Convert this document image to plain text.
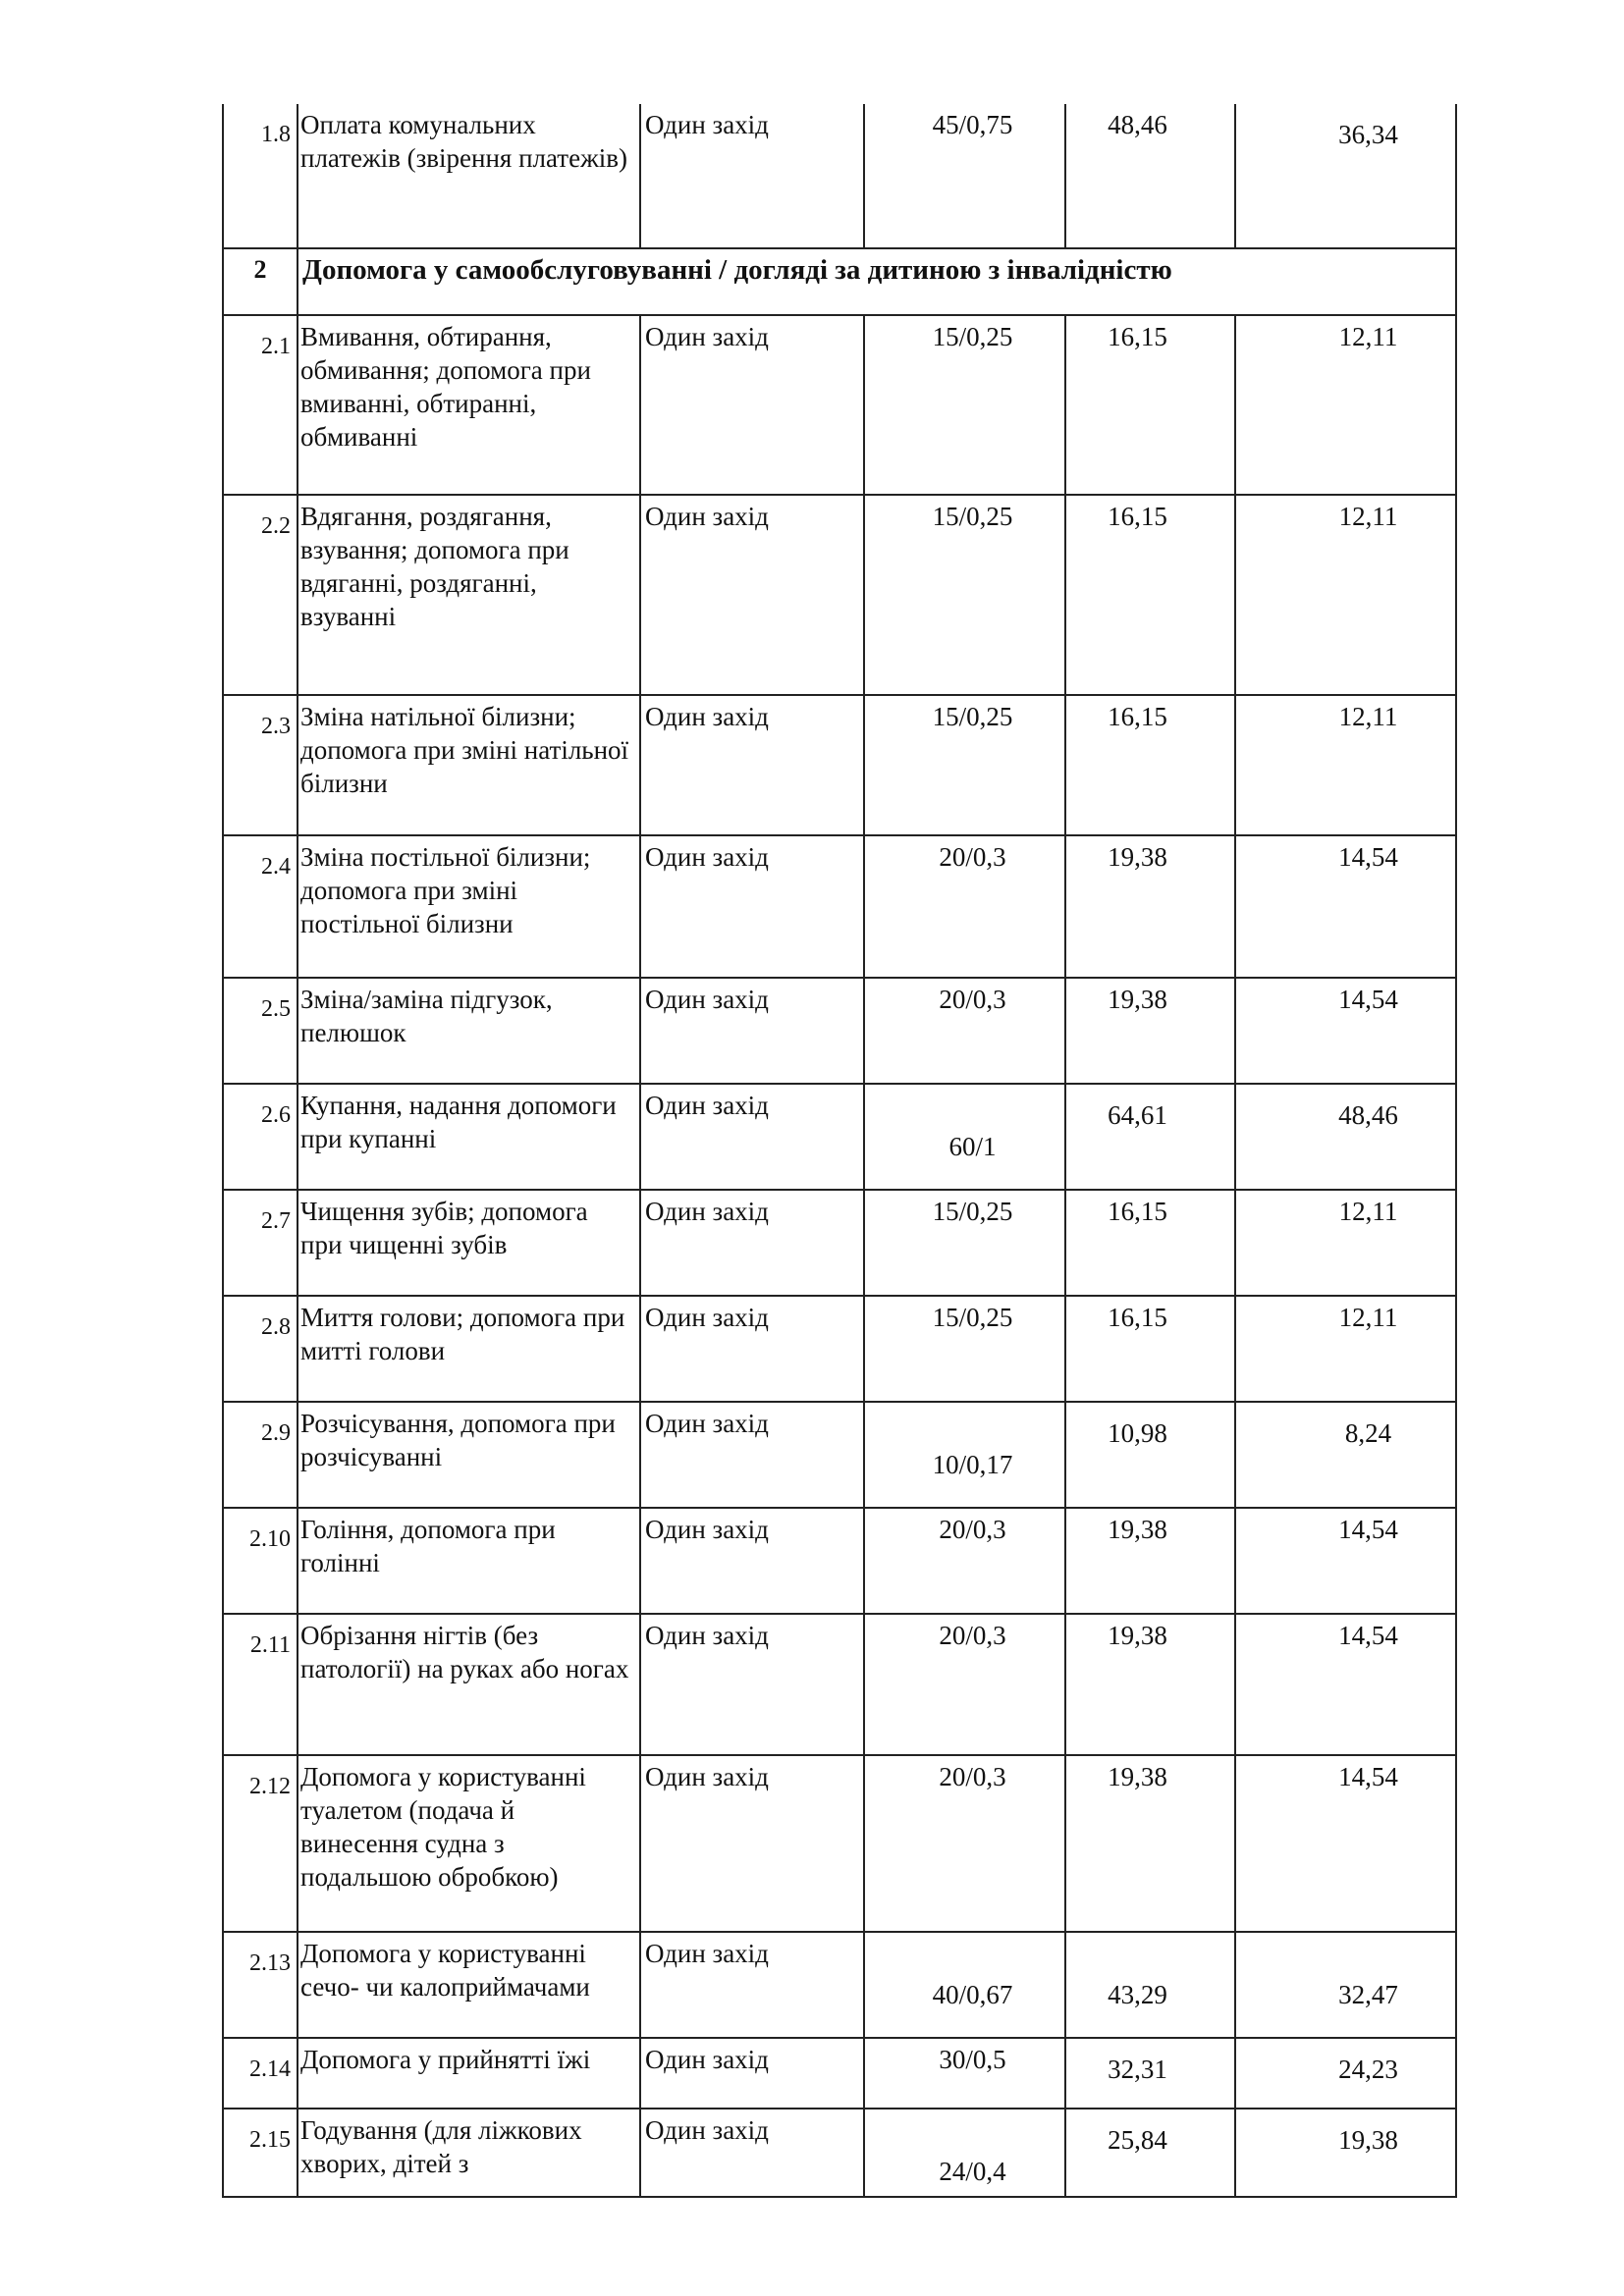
1.8	Оплата комунальних платежів (звірення платежів)	Один захід	45/0,75	48,46	36,34
2	Допомога у самообслуговуванні / догляді за дитиною з інвалідністю				
2.1	Вмивання, обтирання, обмивання; допомога при вмиванні, обтиранні, обмиванні	Один захід	15/0,25	16,15	12,11
2.2	Вдягання, роздягання, взування; допомога при вдяганні, роздяганні, взуванні	Один захід	15/0,25	16,15	12,11
2.3	Зміна натільної білизни; допомога при зміні натільної білизни	Один захід	15/0,25	16,15	12,11
2.4	Зміна постільної білизни; допомога при зміні постільної білизни	Один захід	20/0,3	19,38	14,54
2.5	Зміна/заміна підгузок, пелюшок	Один захід	20/0,3	19,38	14,54
2.6	Купання, надання допомоги при купанні	Один захід	60/1	64,61	48,46
2.7	Чищення зубів; допомога при чищенні зубів	Один захід	15/0,25	16,15	12,11
2.8	Миття голови; допомога при митті голови	Один захід	15/0,25	16,15	12,11
2.9	Розчісування, допомога при розчісуванні	Один захід	10/0,17	10,98	8,24
2.10	Гоління, допомога при голінні	Один захід	20/0,3	19,38	14,54
2.11	Обрізання нігтів (без патології) на руках або ногах	Один захід	20/0,3	19,38	14,54
2.12	Допомога у користуванні туалетом (подача й винесення судна з подальшою обробкою)	Один захід	20/0,3	19,38	14,54
2.13	Допомога у користуванні сечо- чи калоприймачами	Один захід	40/0,67	43,29	32,47
2.14	Допомога у прийнятті їжі	Один захід	30/0,5	32,31	24,23
2.15	Годування (для ліжкових хворих, дітей з	Один захід	24/0,4	25,84	19,38
